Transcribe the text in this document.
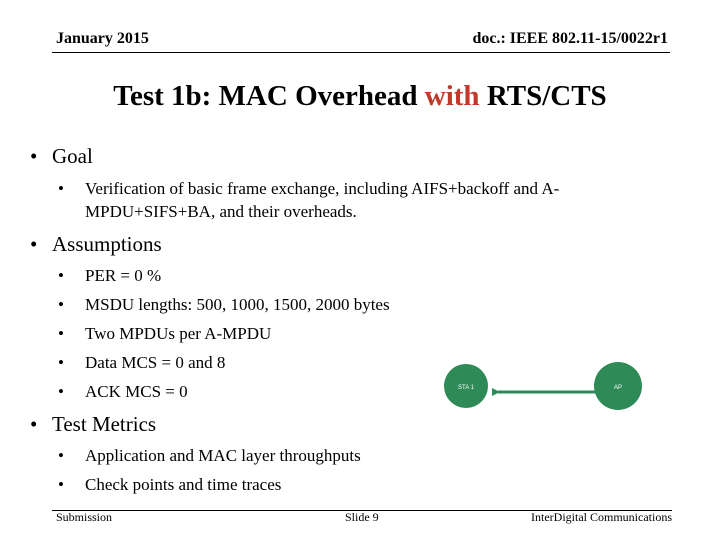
January 2015	doc.: IEEE 802.11-15/0022r1
Test 1b: MAC Overhead with RTS/CTS
• Goal
• Verification of basic frame exchange, including AIFS+backoff and A-MPDU+SIFS+BA, and their overheads.
• Assumptions
• PER = 0 %
• MSDU lengths: 500, 1000, 1500, 2000 bytes
• Two MPDUs per A-MPDU
• Data MCS = 0 and 8
• ACK MCS = 0
• Test Metrics
• Application and MAC layer throughputs
• Check points and time traces
STA 1	AP
Submission	Slide 9	InterDigital Communications
